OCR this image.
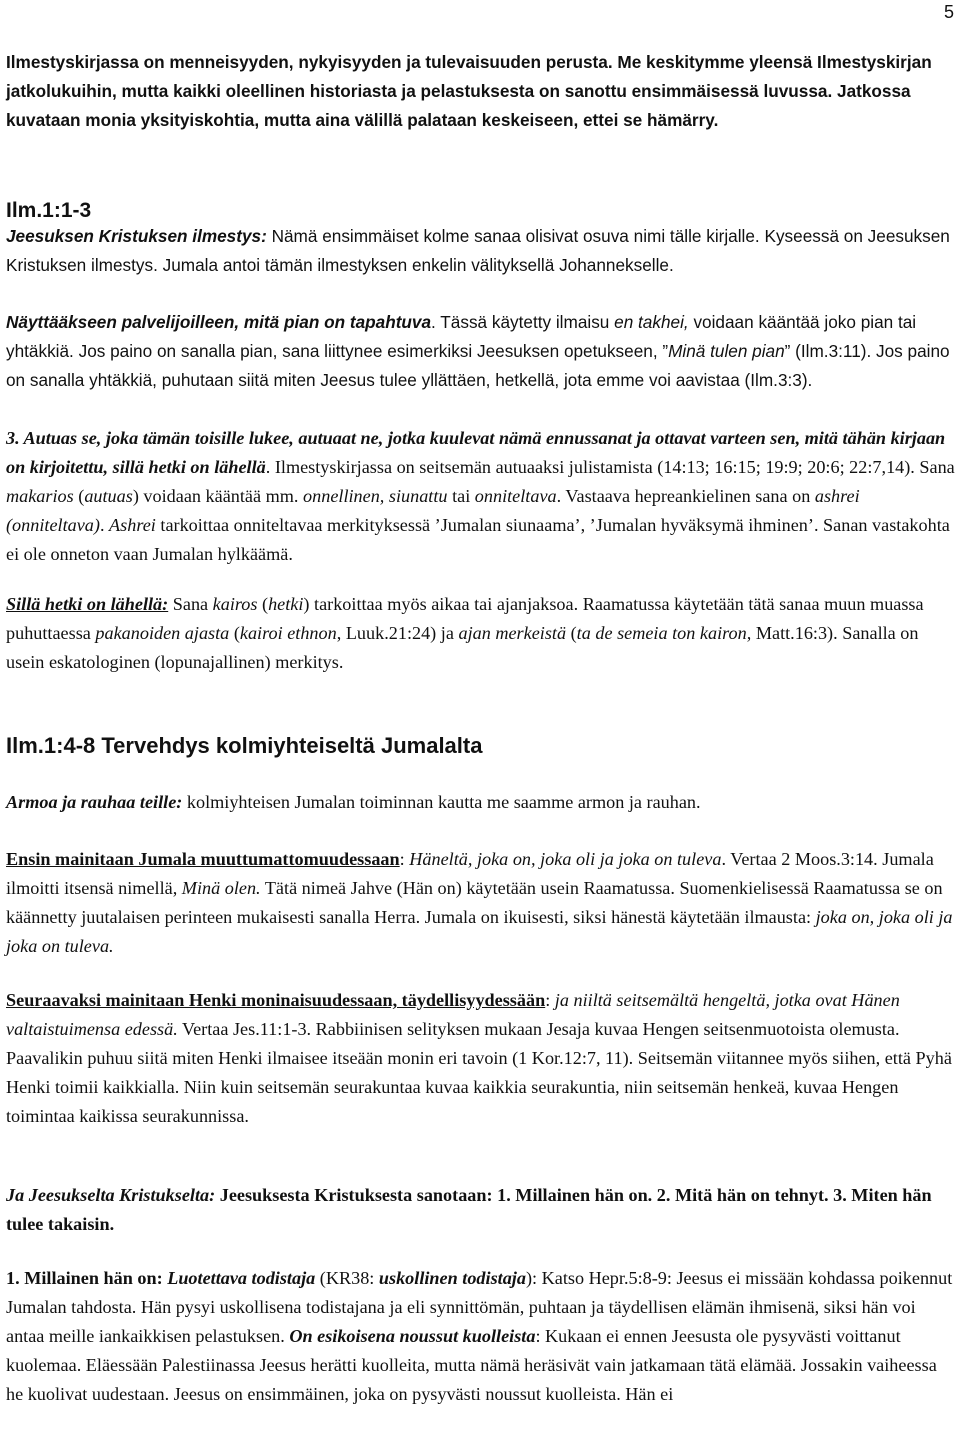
5

Ilmestyskirjassa on menneisyyden, nykyisyyden ja tulevaisuuden perusta. Me keskitymme yleensä Ilmestyskirjan jatkolukuihin, mutta kaikki oleellinen historiasta ja pelastuksesta on sanottu ensimmäisessä luvussa. Jatkossa kuvataan monia yksityiskohtia, mutta aina välillä palataan keskeiseen, ettei se hämärry.

Ilm.1:1-3

Jeesuksen Kristuksen ilmestys: Nämä ensimmäiset kolme sanaa olisivat osuva nimi tälle kirjalle. Kyseessä on Jeesuksen Kristuksen ilmestys. Jumala antoi tämän ilmestyksen enkelin välityksellä Johannekselle.

Näyttääkseen palvelijoilleen, mitä pian on tapahtuva. Tässä käytetty ilmaisu en takhei, voidaan kääntää joko pian tai yhtäkkiä. Jos paino on sanalla pian, sana liittynee esimerkiksi Jeesuksen opetukseen, ”Minä tulen pian” (Ilm.3:11). Jos paino on sanalla yhtäkkiä, puhutaan siitä miten Jeesus tulee yllättäen, hetkellä, jota emme voi aavistaa (Ilm.3:3).

3. Autuas se, joka tämän toisille lukee, autuaat ne, jotka kuulevat nämä ennussanat ja ottavat varteen sen, mitä tähän kirjaan on kirjoitettu, sillä hetki on lähellä. Ilmestyskirjassa on seitsemän autuaaksi julistamista (14:13; 16:15; 19:9; 20:6; 22:7,14). Sana makarios (autuas) voidaan kääntää mm. onnellinen, siunattu tai onniteltava. Vastaava hepreankielinen sana on ashrei (onniteltava). Ashrei tarkoittaa onniteltavaa merkityksessä ’Jumalan siunaama’, ’Jumalan hyväksymä ihminen’. Sanan vastakohta ei ole onneton vaan Jumalan hylkäämä.

Sillä hetki on lähellä: Sana kairos (hetki) tarkoittaa myös aikaa tai ajanjaksoa. Raamatussa käytetään tätä sanaa muun muassa puhuttaessa pakanoiden ajasta (kairoi ethnon, Luuk.21:24) ja ajan merkeistä (ta de semeia ton kairon, Matt.16:3). Sanalla on usein eskatologinen (lopunajallinen) merkitys.

Ilm.1:4-8 Tervehdys kolmiyhteiseltä Jumalalta

Armoa ja rauhaa teille: kolmiyhteisen Jumalan toiminnan kautta me saamme armon ja rauhan.

Ensin mainitaan Jumala muuttumattomuudessaan: Häneltä, joka on, joka oli ja joka on tuleva. Vertaa 2 Moos.3:14. Jumala ilmoitti itsensä nimellä, Minä olen. Tätä nimeä Jahve (Hän on) käytetään usein Raamatussa. Suomenkielisessä Raamatussa se on käännetty juutalaisen perinteen mukaisesti sanalla Herra. Jumala on ikuisesti, siksi hänestä käytetään ilmausta: joka on, joka oli ja joka on tuleva.

Seuraavaksi mainitaan Henki moninaisuudessaan, täydellisyydessään: ja niiltä seitsemältä hengeltä, jotka ovat Hänen valtaistuimensa edessä. Vertaa Jes.11:1-3. Rabbiinisen selityksen mukaan Jesaja kuvaa Hengen seitsenmuotoista olemusta. Paavalikin puhuu siitä miten Henki ilmaisee itseään monin eri tavoin (1 Kor.12:7, 11). Seitsemän viitannee myös siihen, että Pyhä Henki toimii kaikkialla. Niin kuin seitsemän seurakuntaa kuvaa kaikkia seurakuntia, niin seitsemän henkeä, kuvaa Hengen toimintaa kaikissa seurakunnissa.

Ja Jeesukselta Kristukselta: Jeesuksesta Kristuksesta sanotaan: 1. Millainen hän on. 2. Mitä hän on tehnyt. 3. Miten hän tulee takaisin.

1. Millainen hän on: Luotettava todistaja (KR38: uskollinen todistaja): Katso Hepr.5:8-9: Jeesus ei missään kohdassa poikennut Jumalan tahdosta. Hän pysyi uskollisena todistajana ja eli synnittömän, puhtaan ja täydellisen elämän ihmisenä, siksi hän voi antaa meille iankaikkisen pelastuksen. On esikoisena noussut kuolleista: Kukaan ei ennen Jeesusta ole pysyvästi voittanut kuolemaa. Eläessään Palestiinassa Jeesus herätti kuolleita, mutta nämä heräsivät vain jatkamaan tätä elämää. Jossakin vaiheessa he kuolivat uudestaan. Jeesus on ensimmäinen, joka on pysyvästi noussut kuolleista. Hän ei
